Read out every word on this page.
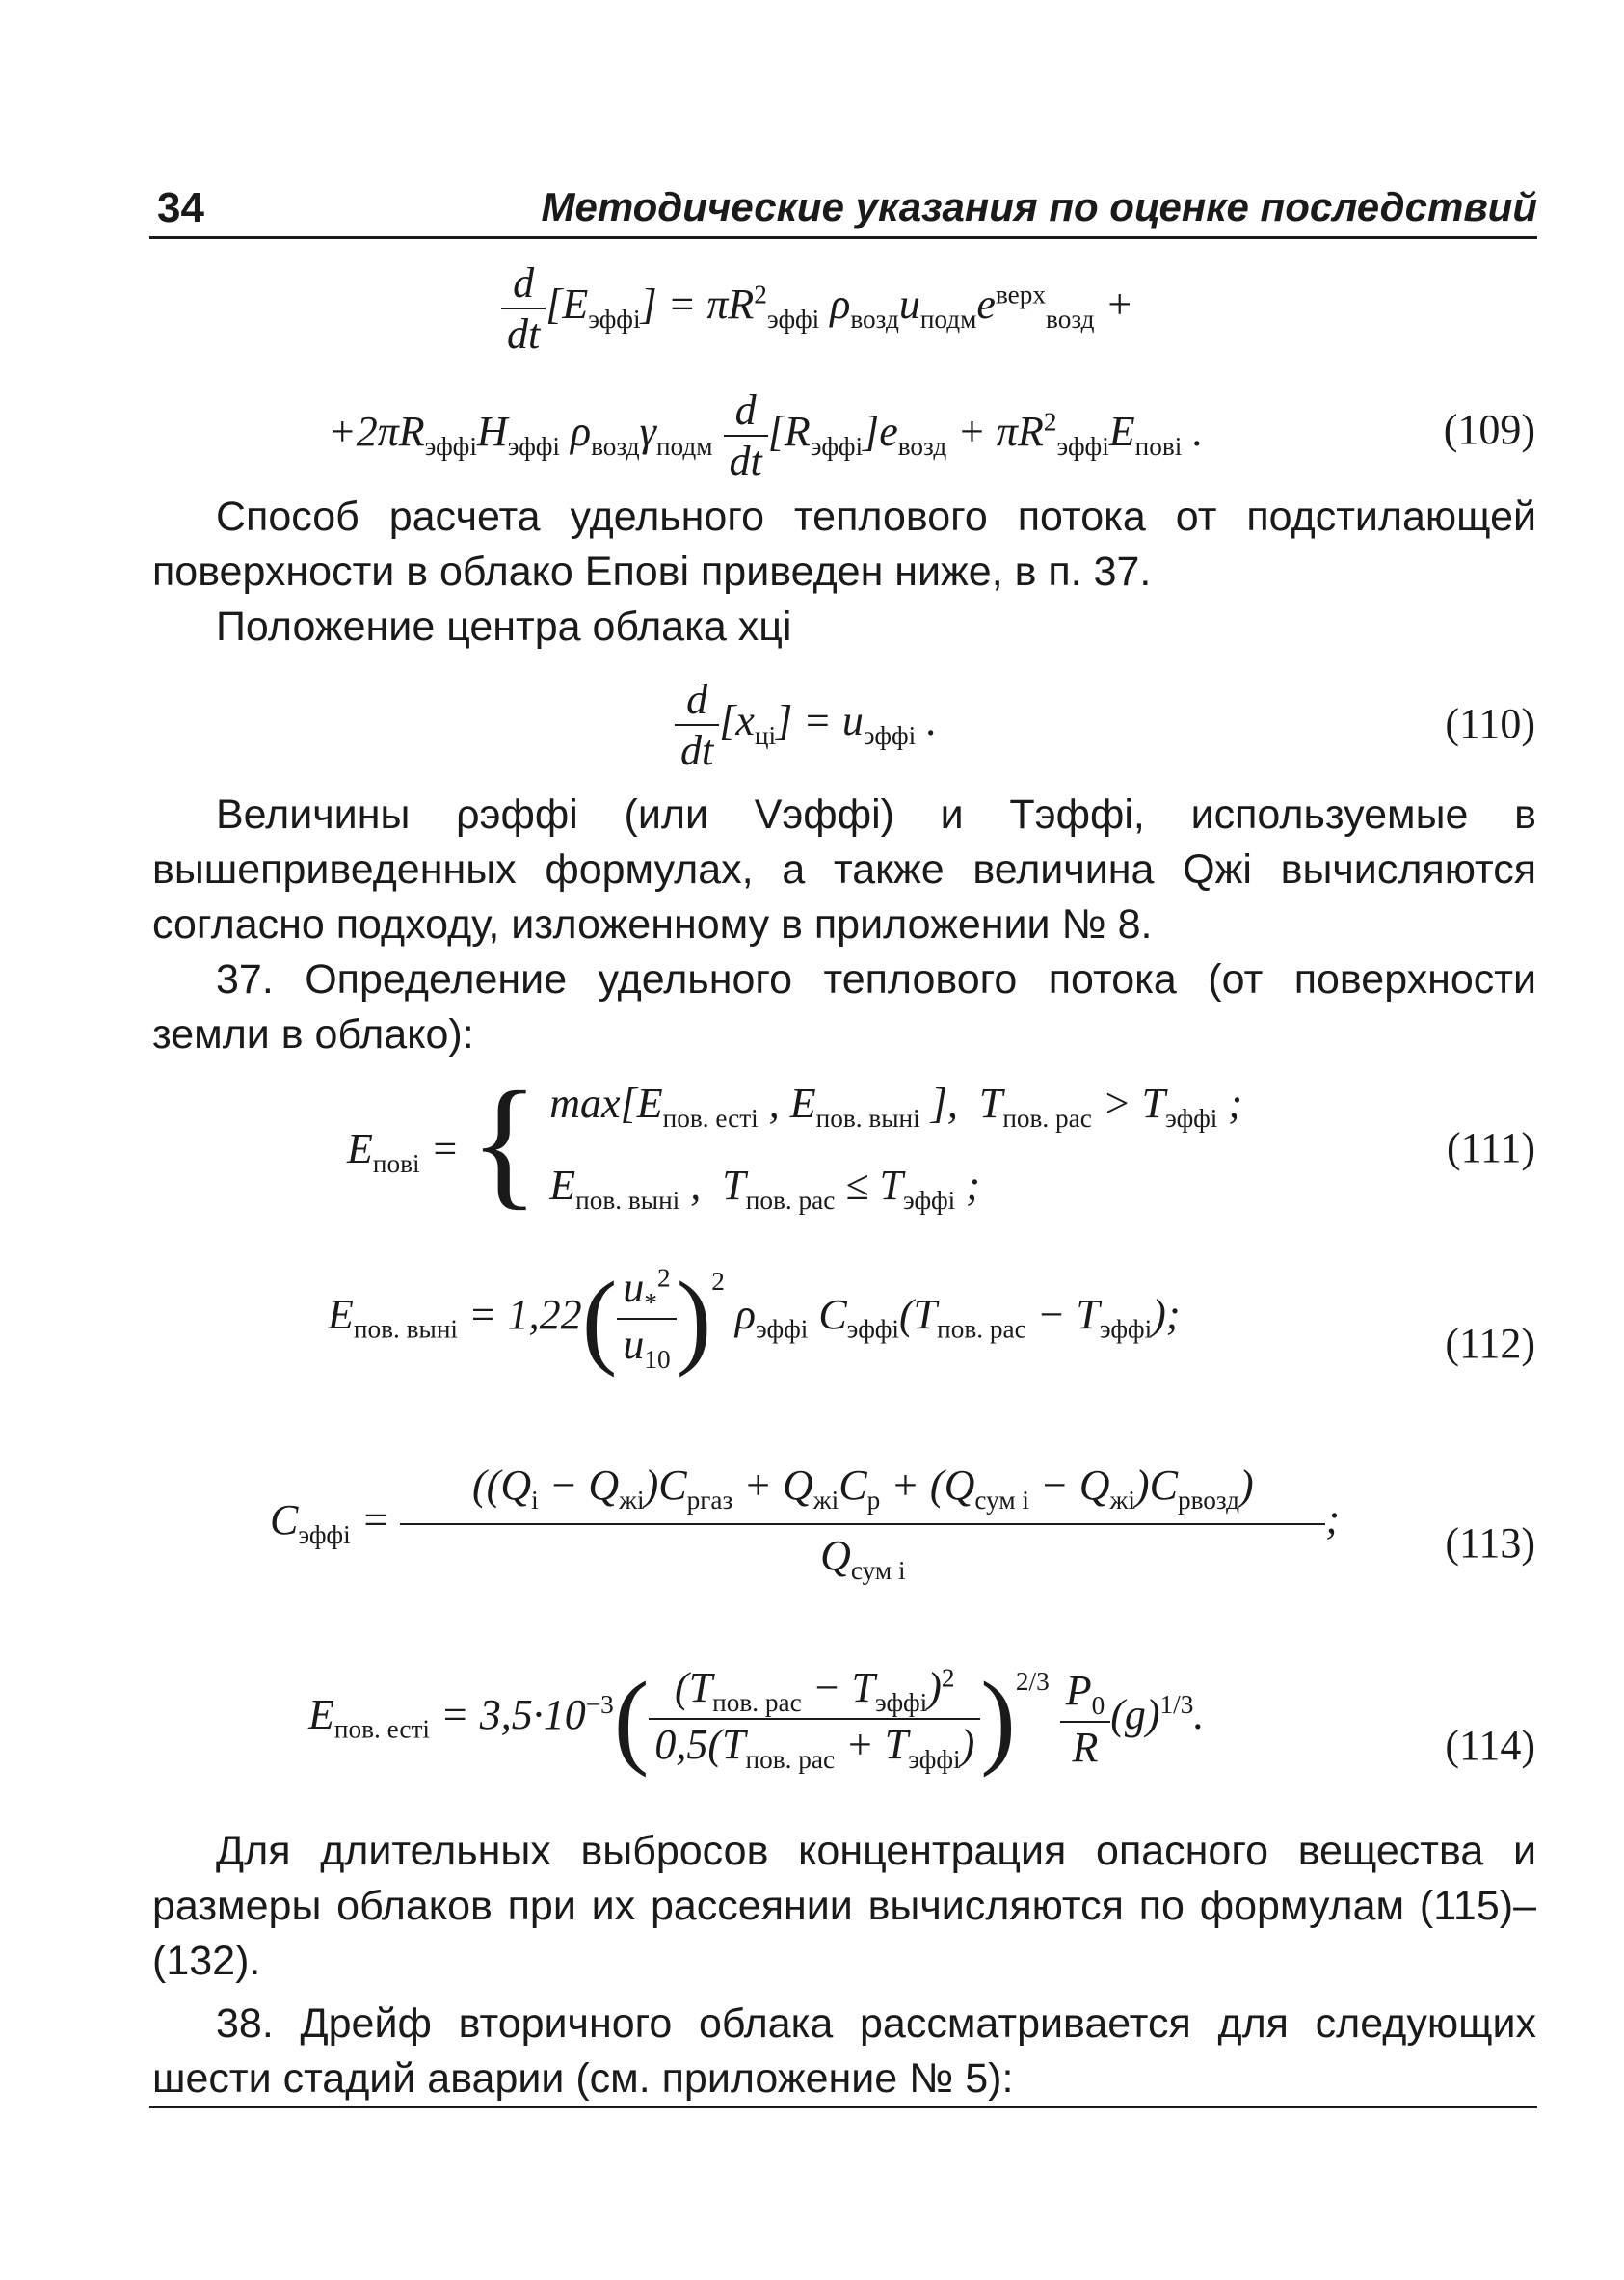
34	Методические указания по оценке последствий
$\frac{d}{dt} [E_{эффi}] = \pi R^2_{эффi}$ $\rho_{возд}u_{подм}e^{верх}_{возд}$ +
$+2\pi R_{эффi}H_{эффi}$ $\rho_{возд}\gamma_{подм} \frac{d}{dt} [R_{эффi}]e_{возд} + \pi R^2_{эффi}E_{повi}$ .	(109)

Способ расчета удельного теплового потока от подстилающей поверхности в облако Eповi приведен ниже, в п. 37.

Положение центра облака xцi

$\frac{d}{dt} [x_{цi}] = u_{эффi}$ .	(110)

Величины ρэффi (или Vэффi) и Tэффi, используемые в вышеприведенных формулах, а также величина Qжi вычисляются согласно подходу, изложенному в приложении № 8.

37. Определение удельного теплового потока (от поверхности земли в облако):

$E_{повi}$ = { $\max[E_{пов. естi}$ , $E_{пов. вынi}$ ],  $T_{пов. рас} > T_{эффi}$ ;
$E_{пов. вынi}$ ,  $T_{пов. рас} \le T_{эффi}$ ;
(111)
$E_{пов. вынi} = 1,22( \frac{u_*^2}{u_{10}} )^2$ $\rho_{эффi}$ $C_{эффi}(T_{пов. рас} - T_{эффi})$;
(112)
$C_{эффi} = \frac{((Q_i - Q_{жi})C_{pгаз} + Q_{жi}C_p + (Q_{сум i} - Q_{жi})C_{pвозд})}{Q_{сум i}}$ ;
(113)
$E_{пов. естi} = 3,5\cdot 10^{-3}( \frac{(T_{пов. рас} - T_{эффi})^2}{0,5(T_{пов. рас} + T_{эффi})} )^{2/3} \frac{P_0}{R} (g)^{1/3}$.
(114)

Для длительных выбросов концентрация опасного вещества и размеры облаков при их рассеянии вычисляются по формулам (115)–(132).

38. Дрейф вторичного облака рассматривается для следующих шести стадий аварии (см. приложение № 5):
